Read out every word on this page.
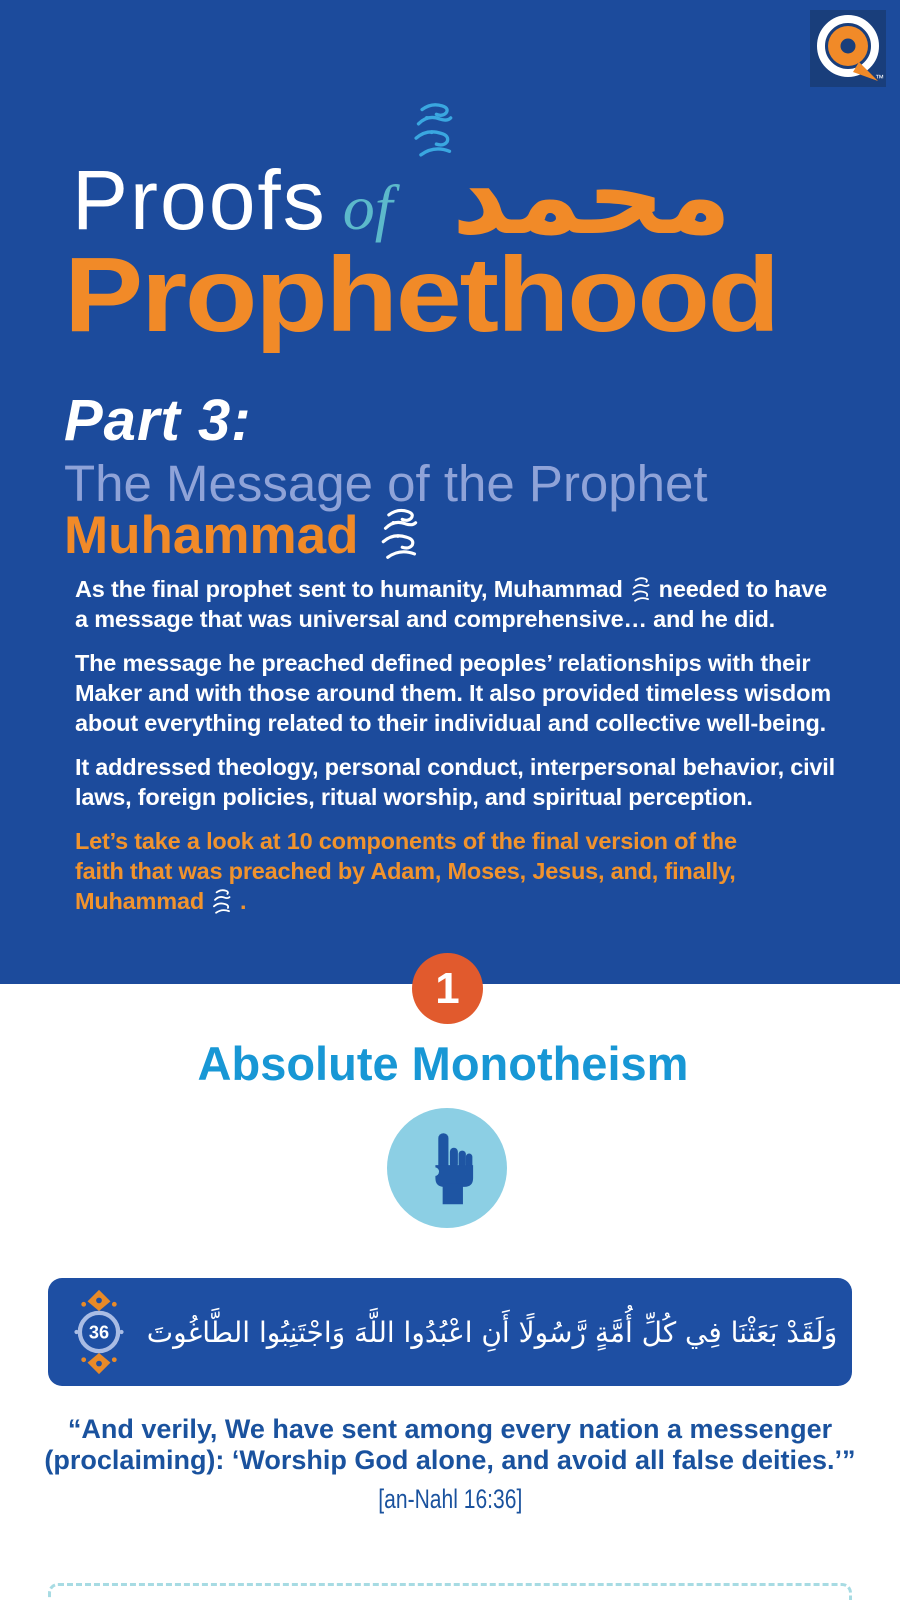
™
Proofs of محمد
Prophethood
Part 3:
The Message of the Prophet
Muhammad
As the final prophet sent to humanity, Muhammad needed to have
a message that was universal and comprehensive… and he did.
The message he preached defined peoples’ relationships with their
Maker and with those around them. It also provided timeless wisdom
about everything related to their individual and collective well-being.
It addressed theology, personal conduct, interpersonal behavior, civil
laws, foreign policies, ritual worship, and spiritual perception.
Let’s take a look at 10 components of the final version of the
faith that was preached by Adam, Moses, Jesus, and, finally,
Muhammad .
1
Absolute Monotheism
36 وَلَقَدْ بَعَثْنَا فِي كُلِّ أُمَّةٍ رَّسُولًا أَنِ اعْبُدُوا اللَّهَ وَاجْتَنِبُوا الطَّاغُوتَ
“And verily, We have sent among every nation a messenger
(proclaiming): ‘Worship God alone, and avoid all false deities.’”
[an-Nahl 16:36]
